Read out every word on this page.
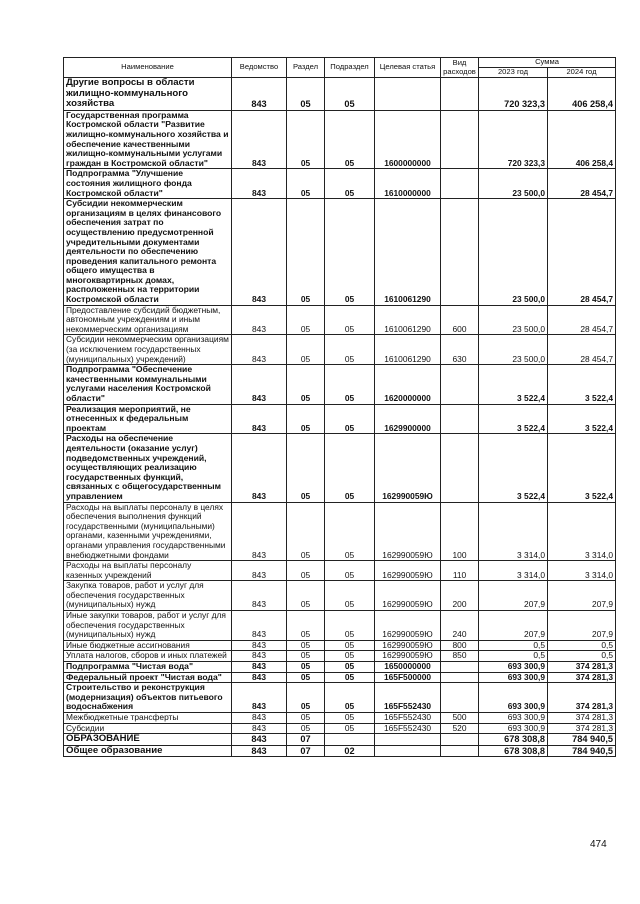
Наименование	Ведомство	Раздел	Подраздел	Целевая статья	Вид расходов	Сумма	
						2023 год	2024 год
Другие вопросы в области жилищно-коммунального хозяйства	843	05	05			720 323,3	406 258,4
Государственная программа Костромской области "Развитие жилищно-коммунального хозяйства и обеспечение качественными жилищно-коммунальными услугами граждан в Костромской области"	843	05	05	1600000000		720 323,3	406 258,4
Подпрограмма "Улучшение состояния жилищного фонда Костромской области"	843	05	05	1610000000		23 500,0	28 454,7
Субсидии некоммерческим организациям в целях финансового обеспечения затрат по осуществлению предусмотренной учредительными документами деятельности по обеспечению проведения капитального ремонта общего имущества в многоквартирных домах, расположенных на территории Костромской области	843	05	05	1610061290		23 500,0	28 454,7
Предоставление субсидий бюджетным, автономным учреждениям и иным некоммерческим организациям	843	05	05	1610061290	600	23 500,0	28 454,7
Субсидии некоммерческим организациям (за исключением государственных (муниципальных) учреждений)	843	05	05	1610061290	630	23 500,0	28 454,7
Подпрограмма "Обеспечение качественными коммунальными услугами населения Костромской области"	843	05	05	1620000000		3 522,4	3 522,4
Реализация мероприятий, не отнесенных к федеральным проектам	843	05	05	1629900000		3 522,4	3 522,4
Расходы на обеспечение деятельности (оказание услуг) подведомственных учреждений, осуществляющих реализацию государственных функций, связанных с общегосударственным управлением	843	05	05	162990059Ю		3 522,4	3 522,4
Расходы на выплаты персоналу в целях обеспечения выполнения функций государственными (муниципальными) органами, казенными учреждениями, органами управления государственными внебюджетными фондами	843	05	05	162990059Ю	100	3 314,0	3 314,0
Расходы на выплаты персоналу казенных учреждений	843	05	05	162990059Ю	110	3 314,0	3 314,0
Закупка товаров, работ и услуг для обеспечения государственных (муниципальных) нужд	843	05	05	162990059Ю	200	207,9	207,9
Иные закупки товаров, работ и услуг для обеспечения государственных (муниципальных) нужд	843	05	05	162990059Ю	240	207,9	207,9
Иные бюджетные ассигнования	843	05	05	162990059Ю	800	0,5	0,5
Уплата налогов, сборов и иных платежей	843	05	05	162990059Ю	850	0,5	0,5
Подпрограмма "Чистая вода"	843	05	05	1650000000		693 300,9	374 281,3
Федеральный проект "Чистая вода"	843	05	05	165F500000		693 300,9	374 281,3
Строительство и реконструкция (модернизация) объектов питьевого водоснабжения	843	05	05	165F552430		693 300,9	374 281,3
Межбюджетные трансферты	843	05	05	165F552430	500	693 300,9	374 281,3
Субсидии	843	05	05	165F552430	520	693 300,9	374 281,3
ОБРАЗОВАНИЕ	843	07				678 308,8	784 940,5
Общее образование	843	07	02			678 308,8	784 940,5
474
